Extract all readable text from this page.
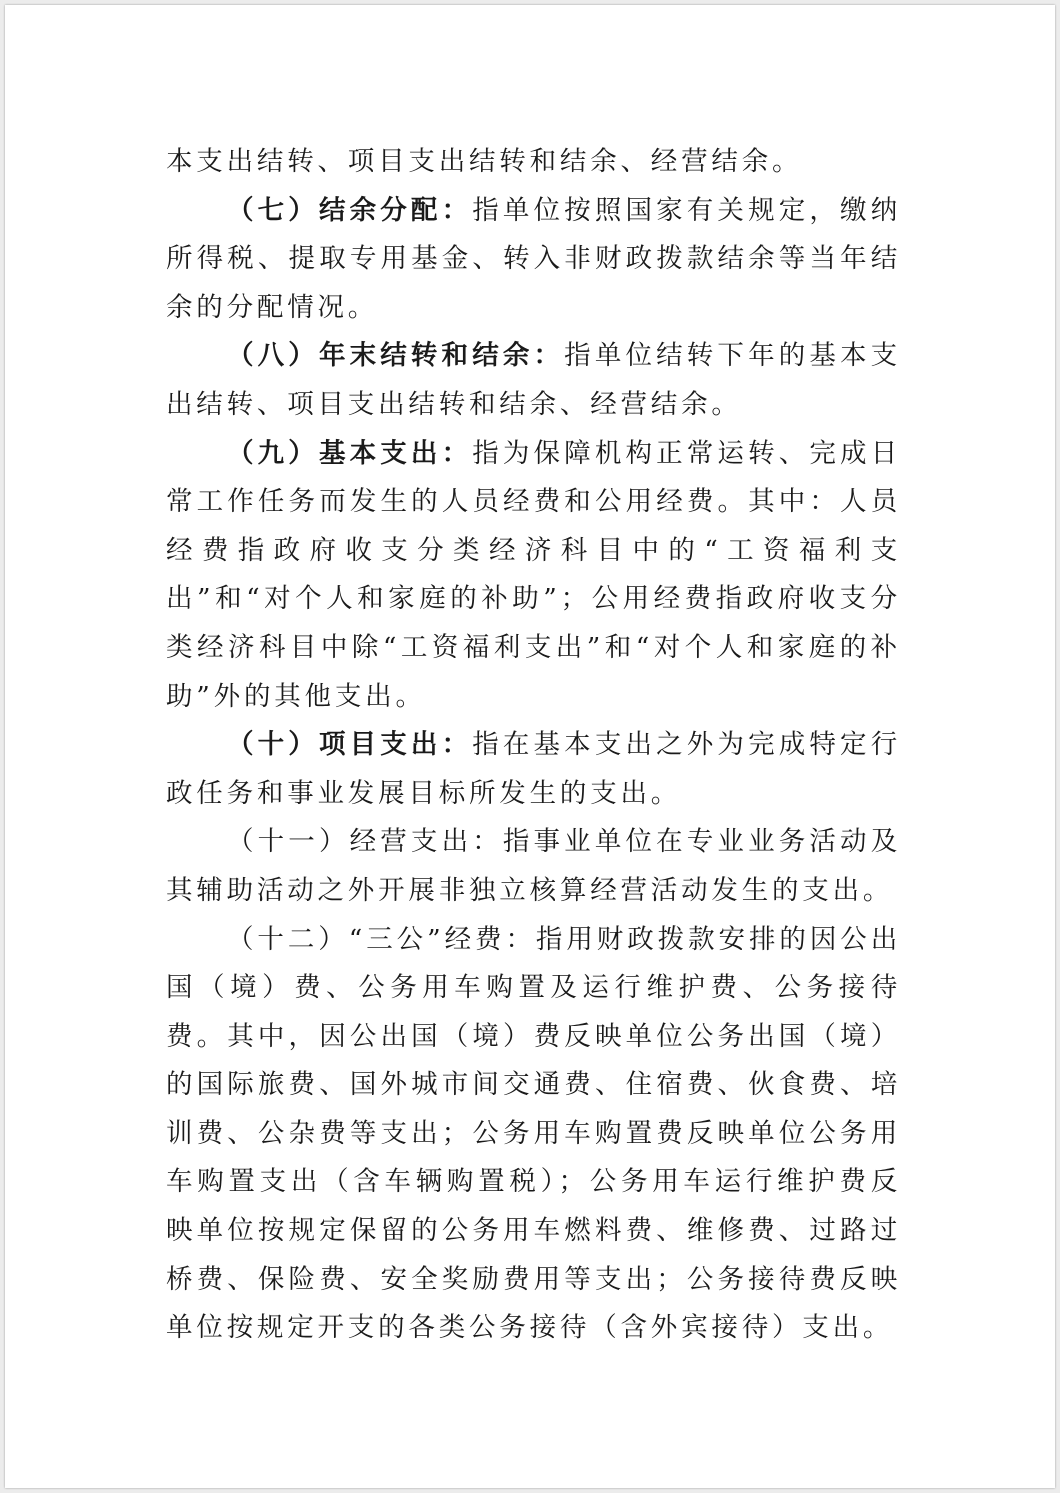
本支出结转、项目支出结转和结余、经营结余。

（七）结余分配：指单位按照国家有关规定，缴纳所得税、提取专用基金、转入非财政拨款结余等当年结余的分配情况。

（八）年末结转和结余：指单位结转下年的基本支出结转、项目支出结转和结余、经营结余。

（九）基本支出：指为保障机构正常运转、完成日常工作任务而发生的人员经费和公用经费。其中：人员经费指政府收支分类经济科目中的“工资福利支出”和“对个人和家庭的补助”；公用经费指政府收支分类经济科目中除“工资福利支出”和“对个人和家庭的补助”外的其他支出。

（十）项目支出：指在基本支出之外为完成特定行政任务和事业发展目标所发生的支出。

（十一）经营支出：指事业单位在专业业务活动及其辅助活动之外开展非独立核算经营活动发生的支出。

（十二）“三公”经费：指用财政拨款安排的因公出国（境）费、公务用车购置及运行维护费、公务接待费。其中，因公出国（境）费反映单位公务出国（境）的国际旅费、国外城市间交通费、住宿费、伙食费、培训费、公杂费等支出；公务用车购置费反映单位公务用车购置支出（含车辆购置税）；公务用车运行维护费反映单位按规定保留的公务用车燃料费、维修费、过路过桥费、保险费、安全奖励费用等支出；公务接待费反映单位按规定开支的各类公务接待（含外宾接待）支出。
